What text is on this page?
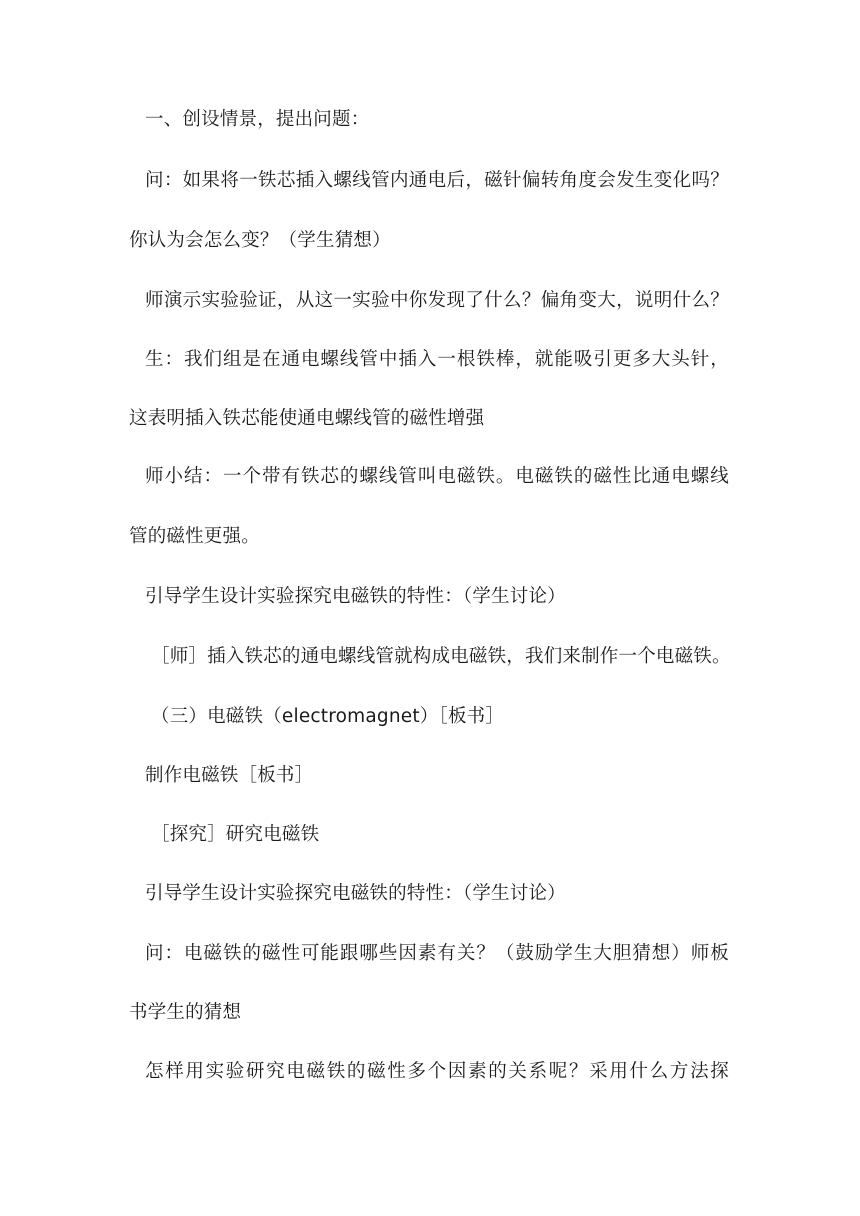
一、创设情景，提出问题：
问：如果将一铁芯插入螺线管内通电后，磁针偏转角度会发生变化吗？
你认为会怎么变？（学生猜想）
师演示实验验证，从这一实验中你发现了什么？偏角变大，说明什么？
生：我们组是在通电螺线管中插入一根铁棒，就能吸引更多大头针，
这表明插入铁芯能使通电螺线管的磁性增强
师小结：一个带有铁芯的螺线管叫电磁铁。电磁铁的磁性比通电螺线
管的磁性更强。
引导学生设计实验探究电磁铁的特性：（学生讨论）
［师］插入铁芯的通电螺线管就构成电磁铁，我们来制作一个电磁铁。
（三）电磁铁（electromagnet）［板书］
制作电磁铁［板书］
［探究］研究电磁铁
引导学生设计实验探究电磁铁的特性：（学生讨论）
问：电磁铁的磁性可能跟哪些因素有关？（鼓励学生大胆猜想）师板
书学生的猜想
怎样用实验研究电磁铁的磁性多个因素的关系呢？采用什么方法探
